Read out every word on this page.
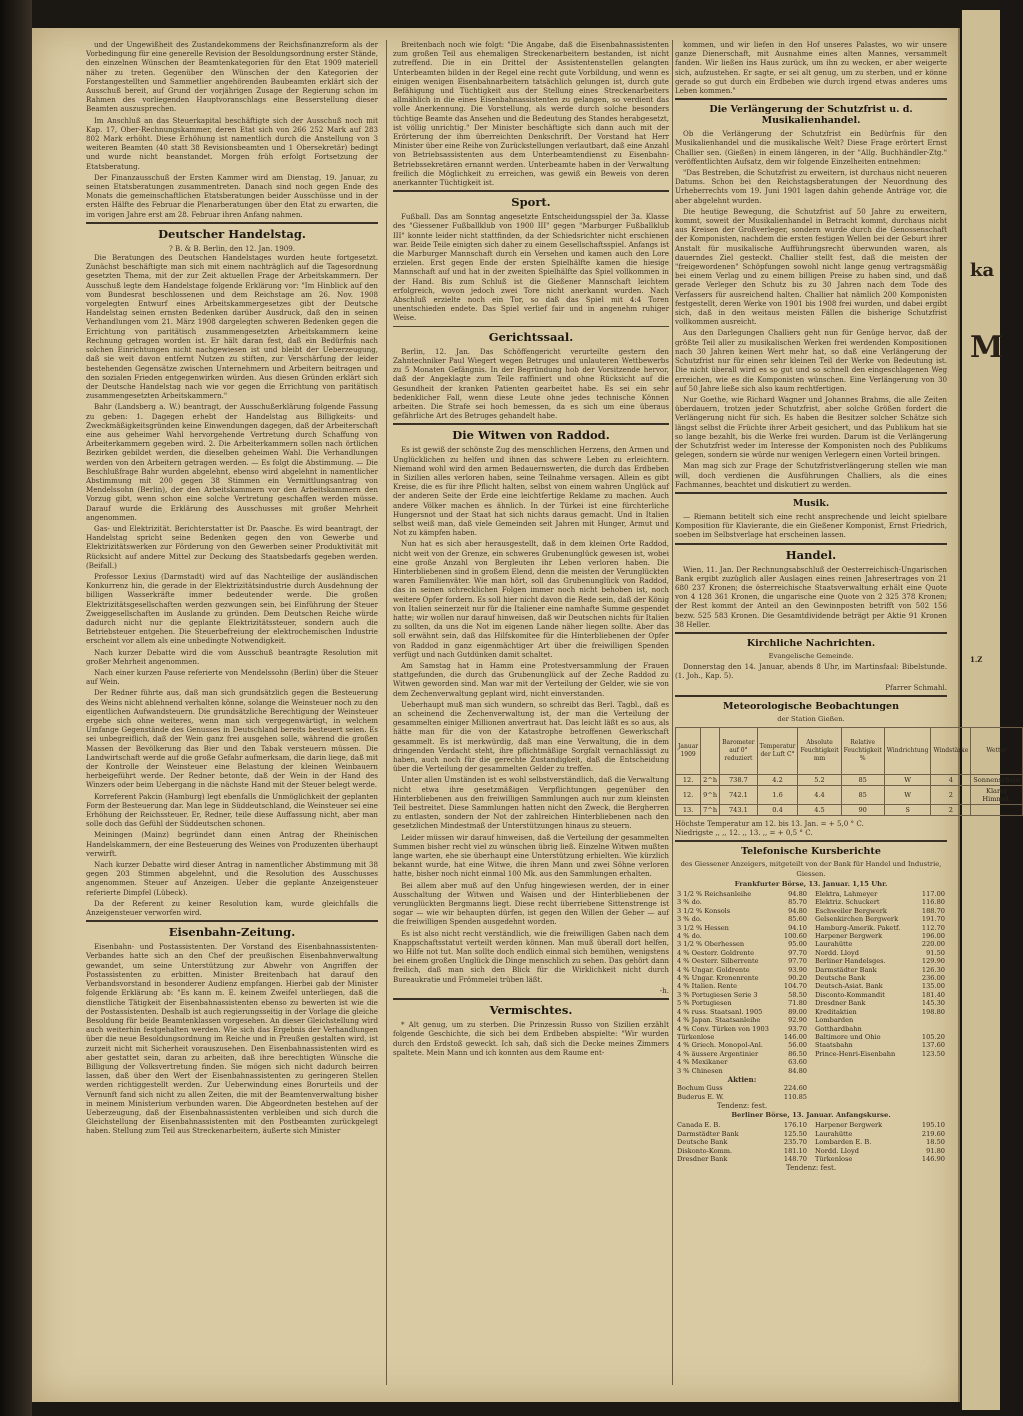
ka
M
1.Z

und der Ungewißheit des Zustandekommens der Reichsfinanzreform als der Vorbedingung für eine generelle Revision der Besoldungsordnung erster Stände, den einzelnen Wünschen der Beamtenkategorien für den Etat 1909 materiell näher zu treten. Gegenüber den Wünschen der den Kategorien der Forstangestellten und Sammetlier angehörenden Baubeamten erklärt sich der Ausschuß bereit, auf Grund der vorjährigen Zusage der Regierung schon im Rahmen des vorliegenden Hauptvoranschlags eine Besserstellung dieser Beamten auszusprechen.

Im Anschluß an das Steuerkapital beschäftigte sich der Ausschuß noch mit Kap. 17, Ober-Rechnungskammer, deren Etat sich von 266 252 Mark auf 283 802 Mark erhöht. Diese Erhöhung ist namentlich durch die Anstellung von 3 weiteren Beamten (40 statt 38 Revisionsbeamten und 1 Obersekretär) bedingt und wurde nicht beanstandet. Morgen früh erfolgt Fortsetzung der Etatsberatung.

Der Finanzausschuß der Ersten Kammer wird am Dienstag, 19. Januar, zu seinen Etatsberatungen zusammentreten. Danach sind noch gegen Ende des Monats die gemeinschaftlichen Etatsberatungen beider Ausschüsse und in der ersten Hälfte des Februar die Plenarberatungen über den Etat zu erwarten, die im vorigen Jahre erst am 28. Februar ihren Anfang nahmen.

Deutscher Handelstag.
? B. & B. Berlin, den 12. Jan. 1909.

Die Beratungen des Deutschen Handelstages wurden heute fortgesetzt. Zunächst beschäftigte man sich mit einem nachträglich auf die Tagesordnung gesetzten Thema, mit der zur Zeit aktuellen Frage der Arbeitskammern. Der Ausschuß legte dem Handelstage folgende Erklärung vor: "Im Hinblick auf den vom Bundesrat beschlossenen und dem Reichstage am 26. Nov. 1908 vorgelegten Entwurf eines Arbeitskammergesetzes gibt der Deutsche Handelstag seinen ernsten Bedenken darüber Ausdruck, daß den in seinen Verhandlungen vom 21. März 1908 dargelegten schweren Bedenken gegen die Errichtung von paritätisch zusammengesetzten Arbeitskammern keine Rechnung getragen worden ist. Er hält daran fest, daß ein Bedürfnis nach solchen Einrichtungen nicht nachgewiesen ist und bleibt der Ueberzeugung, daß sie weit davon entfernt Nutzen zu stiften, zur Verschärfung der leider bestehenden Gegensätze zwischen Unternehmern und Arbeitern beitragen und den sozialen Frieden entgegenwirken würden. Aus diesen Gründen erklärt sich der Deutsche Handelstag nach wie vor gegen die Errichtung von paritätisch zusammengesetzten Arbeitskammern."

Bahr (Landsberg a. W.) beantragt, der Ausschußerklärung folgende Fassung zu geben: 1. Dagegen erhebt der Handelstag aus Billigkeits- und Zweckmäßigkeitsgründen keine Einwendungen dagegen, daß der Arbeiterschaft eine aus geheimer Wahl hervorgehende Vertretung durch Schaffung von Arbeiterkammern gegeben wird. 2. Die Arbeiterkammern sollen nach örtlichen Bezirken gebildet werden, die dieselben geheimen Wahl. Die Verhandlungen werden von den Arbeitern getragen werden. — Es folgt die Abstimmung. — Die Beschlußfrage Bahr wurden abgelehnt, ebenso wird abgelehnt in namentlicher Abstimmung mit 200 gegen 38 Stimmen ein Vermittlungsantrag von Mendelssohn (Berlin), der den Arbeitskammern vor den Arbeitskammern den Vorzug gibt, wenn schon eine solche Vertretung geschaffen werden müsse. Darauf wurde die Erklärung des Ausschusses mit großer Mehrheit angenommen.

Gas- und Elektrizität. Berichterstatter ist Dr. Paasche. Es wird beantragt, der Handelstag spricht seine Bedenken gegen den von Gewerbe und Elektrizitätswerken zur Förderung von den Gewerben seiner Produktivität mit Rücksicht auf andere Mittel zur Deckung des Staatsbedarfs gegeben werden. (Beifall.)

Professor Lexius (Darmstadt) wird auf das Nachteilige der ausländischen Konkurrenz hin, die gerade in der Elektrizitätsindustrie durch Ausdehnung der billigen Wasserkräfte immer bedeutender werde. Die großen Elektrizitätsgesellschaften werden gezwungen sein, bei Einführung der Steuer Zweiggesellschaften im Auslande zu gründen. Dem Deutschen Reiche würde dadurch nicht nur die geplante Elektrizitätssteuer, sondern auch die Betriebsteuer entgehen. Die Steuerbefreiung der elektrochemischen Industrie erscheint vor allem als eine unbedingte Notwendigkeit.

Nach kurzer Debatte wird die vom Ausschuß beantragte Resolution mit großer Mehrheit angenommen.

Nach einer kurzen Pause referierte von Mendelssohn (Berlin) über die Steuer auf Wein.

Der Redner führte aus, daß man sich grundsätzlich gegen die Besteuerung des Weins nicht ablehnend verhalten könne, solange die Weinsteuer noch zu den eigentlichen Aufwandsteuern. Die grundsätzliche Berechtigung der Weinsteuer ergebe sich ohne weiteres, wenn man sich vergegenwärtigt, in welchem Umfange Gegenstände des Genusses in Deutschland bereits besteuert seien. Es sei unbegreiflich, daß der Wein ganz frei ausgehen solle, während die großen Massen der Bevölkerung das Bier und den Tabak versteuern müssen. Die Landwirtschaft werde auf die große Gefahr aufmerksam, die darin liege, daß mit der Kontrolle der Weinsteuer eine Belastung der kleinen Weinbauern herbeigeführt werde. Der Redner betonte, daß der Wein in der Hand des Winzers oder beim Uebergang in die nächste Hand mit der Steuer belegt werde.

Korreferent Pakcin (Hamburg) legt ebenfalls die Unmöglichkeit der geplanten Form der Besteuerung dar. Man lege in Süddeutschland, die Weinsteuer sei eine Erhöhung der Reichssteuer. Er, Redner, teile diese Auffassung nicht, aber man solle doch das Gefühl der Süddeutschen schonen.

Meiningen (Mainz) begründet dann einen Antrag der Rheinischen Handelskammern, der eine Besteuerung des Weines von Produzenten überhaupt verwirft.

Nach kurzer Debatte wird dieser Antrag in namentlicher Abstimmung mit 38 gegen 203 Stimmen abgelehnt, und die Resolution des Ausschusses angenommen. Steuer auf Anzeigen. Ueber die geplante Anzeigensteuer referierte Dimpfel (Lübeck).

Da der Referent zu keiner Resolution kam, wurde gleichfalls die Anzeigensteuer verworfen wird.

Eisenbahn-Zeitung.

Eisenbahn- und Postassistenten. Der Vorstand des Eisenbahnassistenten-Verbandes hatte sich an den Chef der preußischen Eisenbahnverwaltung gewandet, um seine Unterstützung zur Abwehr von Angriffen der Postassistenten zu erbitten. Minister Breitenbach hat darauf den Verbandsvorstand in besonderer Audienz empfangen. Hierbei gab der Minister folgende Erklärung ab: "Es kann m. E. keinem Zweifel unterliegen, daß die dienstliche Tätigkeit der Eisenbahnassistenten ebenso zu bewerten ist wie die der Postassistenten. Deshalb ist auch regierungsseitig in der Vorlage die gleiche Besoldung für beide Beamtenklassen vorgesehen. An dieser Gleichstellung wird auch weiterhin festgehalten werden. Wie sich das Ergebnis der Verhandlungen über die neue Besoldungsordnung im Reiche und in Preußen gestalten wird, ist zurzeit nicht mit Sicherheit vorauszusehen. Den Eisenbahnassistenten wird es aber gestattet sein, daran zu arbeiten, daß ihre berechtigten Wünsche die Billigung der Volksvertretung finden. Sie mögen sich nicht dadurch beirren lassen, daß über den Wert der Eisenbahnassistenten zu geringeren Stellen werden richtiggestellt werden. Zur Ueberwindung eines Borurteils und der Vernunft fand sich nicht zu allen Zeiten, die mit der Beamtenverwaltung bisher in meinem Ministerium verbunden waren. Die Abgeordneten bestehen auf der Ueberzeugung, daß der Eisenbahnassistenten verbleiben und sich durch die Gleichstellung der Eisenbahnassistenten mit den Postbeamten zurückgelegt haben. Stellung zum Teil aus Streckenarbeitern, äußerte sich Minister

Breitenbach noch wie folgt: "Die Angabe, daß die Eisenbahnassistenten zum großen Teil aus ehemaligen Streckenarbeitern bestanden, ist nicht zutreffend. Die in ein Drittel der Assistentenstellen gelangten Unterbeamten bilden in der Regel eine recht gute Vorbildung, und wenn es einigen wenigen Eisenbahnarbeitern tatsächlich gelungen ist, durch gute Befähigung und Tüchtigkeit aus der Stellung eines Streckenarbeiters allmählich in die eines Eisenbahnassistenten zu gelangen, so verdient das volle Anerkennung. Die Vorstellung, als werde durch solche besonders tüchtige Beamte das Ansehen und die Bedeutung des Standes herabgesetzt, ist völlig unrichtig." Der Minister beschäftigte sich dann auch mit der Erörterung der ihm überreichten Denkschrift. Der Vorstand hat Herr Minister über eine Reihe von Zurückstellungen verlautbart, daß eine Anzahl von Betriebsassistenten aus dem Unterbeamtendienst zu Eisenbahn-Betriebssekretären ernannt werden. Unterbeamte haben in der Verwaltung freilich die Möglichkeit zu erreichen, was gewiß ein Beweis von deren anerkannter Tüchtigkeit ist.

Sport.

Fußball. Das am Sonntag angesetzte Entscheidungsspiel der 3a. Klasse des "Giessener Fußballklub von 1900 III" gegen "Marburger Fußballklub III" konnte leider nicht stattfinden, da der Schiedsrichter nicht erschienen war. Beide Teile einigten sich daher zu einem Gesellschaftsspiel. Anfangs ist die Marburger Mannschaft durch ein Versehen und kamen auch den Lore erzielen. Erst gegen Ende der ersten Spielhälfte kamen die hiesige Mannschaft auf und hat in der zweiten Spielhälfte das Spiel vollkommen in der Hand. Bis zum Schluß ist die Gießener Mannschaft leichtem erfolgreich, wovon jedoch zwei Tore nicht anerkannt wurden. Nach Abschluß erzielte noch ein Tor, so daß das Spiel mit 4:4 Toren unentschieden endete. Das Spiel verlief fair und in angenehm ruhiger Weise.

Gerichtssaal.

Berlin, 12. Jan. Das Schöffengericht verurteilte gestern den Zahntechniker Paul Wiegert wegen Betruges und unlauteren Wettbewerbs zu 5 Monaten Gefängnis. In der Begründung hob der Vorsitzende hervor, daß der Angeklagte zum Teile raffiniert und ohne Rücksicht auf die Gesundheit der kranken Patienten gearbeitet habe. Es sei ein sehr bedenklicher Fall, wenn diese Leute ohne jedes technische Können arbeiten. Die Strafe sei hoch bemessen, da es sich um eine überaus gefährliche Art des Betruges gehandelt habe.

Die Witwen von Raddod.

Es ist gewiß der schönste Zug des menschlichen Herzens, den Armen und Unglücklichen zu helfen und ihnen das schwere Leben zu erleichtern. Niemand wohl wird den armen Bedauernswerten, die durch das Erdbeben in Sizilien alles verloren haben, seine Teilnahme versagen. Allein es gibt Kreise, die es für ihre Pflicht halten, selbst von einem wahren Unglück auf der anderen Seite der Erde eine leichtfertige Reklame zu machen. Auch andere Völker machen es ähnlich. In der Türkei ist eine fürchterliche Hungersnot und der Staat hat sich nichts daraus gemacht. Und in Italien selbst weiß man, daß viele Gemeinden seit Jahren mit Hunger, Armut und Not zu kämpfen haben.

Nun hat es sich aber herausgestellt, daß in dem kleinen Orte Raddod, nicht weit von der Grenze, ein schweres Grubenunglück gewesen ist, wobei eine große Anzahl von Bergleuten ihr Leben verloren haben. Die Hinterbliebenen sind in großem Elend, denn die meisten der Verunglückten waren Familienväter. Wie man hört, soll das Grubenunglück von Raddod, das in seinen schrecklichen Folgen immer noch nicht behoben ist, noch weitere Opfer fordern. Es soll hier nicht davon die Rede sein, daß der König von Italien seinerzeit nur für die Italiener eine namhafte Summe gespendet hatte; wir wollen nur darauf hinweisen, daß wir Deutschen nichts für Italien zu sollten, da uns die Not im eigenen Lande näher liegen sollte. Aber das soll erwähnt sein, daß das Hilfskomitee für die Hinterbliebenen der Opfer von Raddod in ganz eigenmächtiger Art über die freiwilligen Spenden verfügt und nach Gutdünken damit schaltet.

Am Samstag hat in Hamm eine Protestversammlung der Frauen stattgefunden, die durch das Grubenunglück auf der Zeche Raddod zu Witwen geworden sind. Man war mit der Verteilung der Gelder, wie sie von dem Zechenverwaltung geplant wird, nicht einverstanden.

Ueberhaupt muß man sich wundern, so schreibt das Berl. Tagbl., daß es an scheinend die Zechenverwaltung ist, der man die Verteilung der gesammelten einiger Millionen anvertraut hat. Das leicht läßt es so aus, als hätte man für die von der Katastrophe betroffenen Gewerkschaft gesammelt. Es ist merkwürdig, daß man eine Verwaltung, die in dem dringenden Verdacht steht, ihre pflichtmäßige Sorgfalt vernachlässigt zu haben, auch noch für die gerechte Zustandigkeit, daß die Entscheidung über die Verteilung der gesammelten Gelder zu treffen.

Unter allen Umständen ist es wohl selbstverständlich, daß die Verwaltung nicht etwa ihre gesetzmäßigen Verpflichtungen gegenüber den Hinterbliebenen aus den freiwilligen Sammlungen auch nur zum kleinsten Teil bestreitet. Diese Sammlungen hatten nicht den Zweck, die Bergherren zu entlasten, sondern der Not der zahlreichen Hinterbliebenen nach den gesetzlichen Mindestmaß der Unterstützungen hinaus zu steuern.

Leider müssen wir darauf hinweisen, daß die Verteilung der gesammelten Summen bisher recht viel zu wünschen übrig ließ. Einzelne Witwen mußten lange warten, ehe sie überhaupt eine Unterstützung erhielten. Wie kürzlich bekannt wurde, hat eine Witwe, die ihren Mann und zwei Söhne verloren hatte, bisher noch nicht einmal 100 Mk. aus den Sammlungen erhalten.

Bei allem aber muß auf den Unfug hingewiesen werden, der in einer Ausschaltung der Witwen und Waisen und der Hinterbliebenen der verunglückten Bergmanns liegt. Diese recht überriebene Sittenstrenge ist sogar — wie wir behaupten dürfen, ist gegen den Willen der Geber — auf die freiwilligen Spenden ausgedehnt worden.

Es ist also nicht recht verständlich, wie die freiwilligen Gaben nach dem Knappschaftsstatut verteilt werden können. Man muß überall dort helfen, wo Hilfe not tut. Man sollte doch endlich einmal sich bemühen, wenigstens bei einem großen Unglück die Dinge menschlich zu sehen. Das gehört dann freilich, daß man sich den Blick für die Wirklichkeit nicht durch Bureaukratie und Frömmelei trüben läßt.

-h.
Vermischtes.

* Alt genug, um zu sterben. Die Prinzessin Russo von Sizilien erzählt folgende Geschichte, die sich bei dem Erdbeben abspielte: "Wir wurden durch den Erdstoß geweckt. Ich sah, daß sich die Decke meines Zimmers spaltete. Mein Mann und ich konnten aus dem Raume ent-

kommen, und wir liefen in den Hof unseres Palastes, wo wir unsere ganze Dienerschaft, mit Ausnahme eines alten Mannes, versammelt fanden. Wir ließen ins Haus zurück, um ihn zu wecken, er aber weigerte sich, aufzustehen. Er sagte, er sei alt genug, um zu sterben, und er könne gerade so gut durch ein Erdbeben wie durch irgend etwas anderes ums Leben kommen."

Die Verlängerung der Schutzfrist u. d. Musikalienhandel.

Ob die Verlängerung der Schutzfrist ein Bedürfnis für den Musikalienhandel und die musikalische Welt? Diese Frage erörtert Ernst Challier sen. (Gießen) in einem längeren, in der "Allg. Buchhändler-Ztg." veröffentlichten Aufsatz, dem wir folgende Einzelheiten entnehmen:

"Das Bestreben, die Schutzfrist zu erweitern, ist durchaus nicht neueren Datums. Schon bei den Reichstagsberatungen der Neuordnung des Urheberrechts vom 19. Juni 1901 lagen dahin gehende Anträge vor, die aber abgelehnt wurden.

Die heutige Bewegung, die Schutzfrist auf 50 Jahre zu erweitern, kommt, soweit der Musikalienhandel in Betracht kommt, durchaus nicht aus Kreisen der Großverleger, sondern wurde durch die Genossenschaft der Komponisten, nachdem die ersten festigen Wellen bei der Geburt ihrer Anstalt für musikalische Aufführungsrecht überwunden waren, als dauerndes Ziel gesteckt. Challier stellt fest, daß die meisten der "freigewordenen" Schöpfungen sowohl nicht lange genug vertragsmäßig bei einem Verlag und zu einem billigen Preise zu haben sind, und daß gerade Verleger den Schutz bis zu 30 Jahren nach dem Tode des Verfassers für ausreichend halten. Challier hat nämlich 200 Komponisten festgestellt, deren Werke von 1901 bis 1908 frei wurden, und dabei ergibt sich, daß in den weitaus meisten Fällen die bisherige Schutzfrist vollkommen ausreicht.

Aus den Darlegungen Challiers geht nun für Genüge hervor, daß der größte Teil aller zu musikalischen Werken frei werdenden Kompositionen nach 30 Jahren keinen Wert mehr hat, so daß eine Verlängerung der Schutzfrist nur für einen sehr kleinen Teil der Werke von Bedeutung ist. Die nicht überall wird es so gut und so schnell den eingeschlagenen Weg erreichen, wie es die Komponisten wünschen. Eine Verlängerung von 30 auf 50 Jahre ließe sich also kaum rechtfertigen.

Nur Goethe, wie Richard Wagner und Johannes Brahms, die alle Zeiten überdauern, trotzen jeder Schutzfrist, aber solche Größen fordert die Verlängerung nicht für sich. Es haben die Besitzer solcher Schätze sich längst selbst die Früchte ihrer Arbeit gesichert, und das Publikum hat sie so lange bezahlt, bis die Werke frei wurden. Darum ist die Verlängerung der Schutzfrist weder im Interesse der Komponisten noch des Publikums gelegen, sondern sie würde nur wenigen Verlegern einen Vorteil bringen.

Man mag sich zur Frage der Schutzfristverlängerung stellen wie man will, doch verdienen die Ausführungen Challiers, als die eines Fachmannes, beachtet und diskutiert zu werden.

Musik.

— Riemann betitelt sich eine recht ansprechende und leicht spielbare Komposition für Klavierante, die ein Gießener Komponist, Ernst Friedrich, soeben im Selbstverlage hat erscheinen lassen.

Handel.

Wien, 11. Jan. Der Rechnungsabschluß der Oesterreichisch-Ungarischen Bank ergibt zuzüglich aller Auslagen eines reinen Jahresertrages von 21 680 237 Kronen; die österreichische Staatsverwaltung erhält eine Quote von 4 128 361 Kronen, die ungarische eine Quote von 2 325 378 Kronen; der Rest kommt der Anteil an den Gewinnposten betrifft von 502 156 bezw. 525 583 Kronen. Die Gesamtdividende beträgt per Aktie 91 Kronen 38 Heller.

Kirchliche Nachrichten.
Evangelische Gemeinde.

Donnerstag den 14. Januar, abends 8 Uhr, im Martinsfaal: Bibelstunde. (1. Joh., Kap. 5).

Pfarrer Schmahl.
Meteorologische Beobachtungen
der Station Gießen.
Januar 1909		Barometer auf 0° reduziert	Temperatur der Luft C°	Absolute Feuchtigkeit mm	Relative Feuchtigkeit %	Windrichtung	Windstärke	Wetter
12.	2^h	738.7	4.2	5.2	85	W	4	Sonnenschein
12.	9^h	742.1	1.6	4.4	85	W	2	Klarer Himmel.
13.	7^h	743.1	0.4	4.5	90	S	2	
Höchste Temperatur am 12. bis 13. Jan. = + 5,0 ° C.
Niedrigste ,, ,, 12. ,, 13. ,, = + 0,5 ° C.
Telefonische Kursberichte
des Giessener Anzeigers, mitgeteilt von der Bank für Handel und Industrie, Giessen.
Frankfurter Börse, 13. Januar. 1,15 Uhr.
3 1/2 % Reichsanleihe	94.80
3 % do.	85.70
3 1/2 % Konsols	94.80
3 % do.	85.60
3 1/2 % Hessen	94.10
4 % do.	100.60
3 1/2 % Oberhessen	95.00
4 % Oesterr. Goldrente	97.70
4 % Oesterr. Silberrente	97.70
4 % Ungar. Goldrente	93.90
4 % Ungar. Kronenrente	90.20
4 % Italien. Rente	104.70
3 % Portugiesen Serie 3	58.50
5 % Portugiesen	71.80
4 % russ. Staatsanl. 1905	89.00
4 % Japan. Staatsanleihe	92.90
4 % Conv. Türken von 1903	93.70
Türkenlose	146.00
4 % Griech. Monopol-Anl.	56.00
4 % äussere Argentinier	86.50
4 % Mexikaner	63.60
3 % Chinesen	84.80
Aktien:
Bochum Guss	224.60
Buderus E. W.	110.85
Tendenz: fest.
Elektra, Lahmeyer	117.00
Elektriz. Schuckert	116.80
Eschweiler Bergwerk	188.70
Gelsenkirchen Bergwerk	191.70
Hamburg-Amerik. Paketf.	112.70
Harpener Bergwerk	196.00
Laurahütte	220.00
Nordd. Lloyd	91.50
Berliner Handelsges.	129.90
Darmstädter Bank	126.30
Deutsche Bank	236.00
Deutsch-Asiat. Bank	135.00
Disconto-Kommandit	181.40
Dresdner Bank	145.30
Kreditaktien	198.80
Lombarden	
Gotthardbahn	
Baltimore und Ohio	105.20
Staatsbahn	137.60
Prince-Henri-Eisenbahn	123.50
Berliner Börse, 13. Januar. Anfangskurse.
Canada E. B.	176.10
Darmstädter Bank	125.50
Deutsche Bank	235.70
Diskonto-Komm.	181.10
Dresdner Bank	148.70
Harpener Bergwerk	195.10
Laurahütte	219.60
Lombarden E. B.	18.50
Nordd. Lloyd	91.80
Türkenlose	146.90
Tendenz: fest.
